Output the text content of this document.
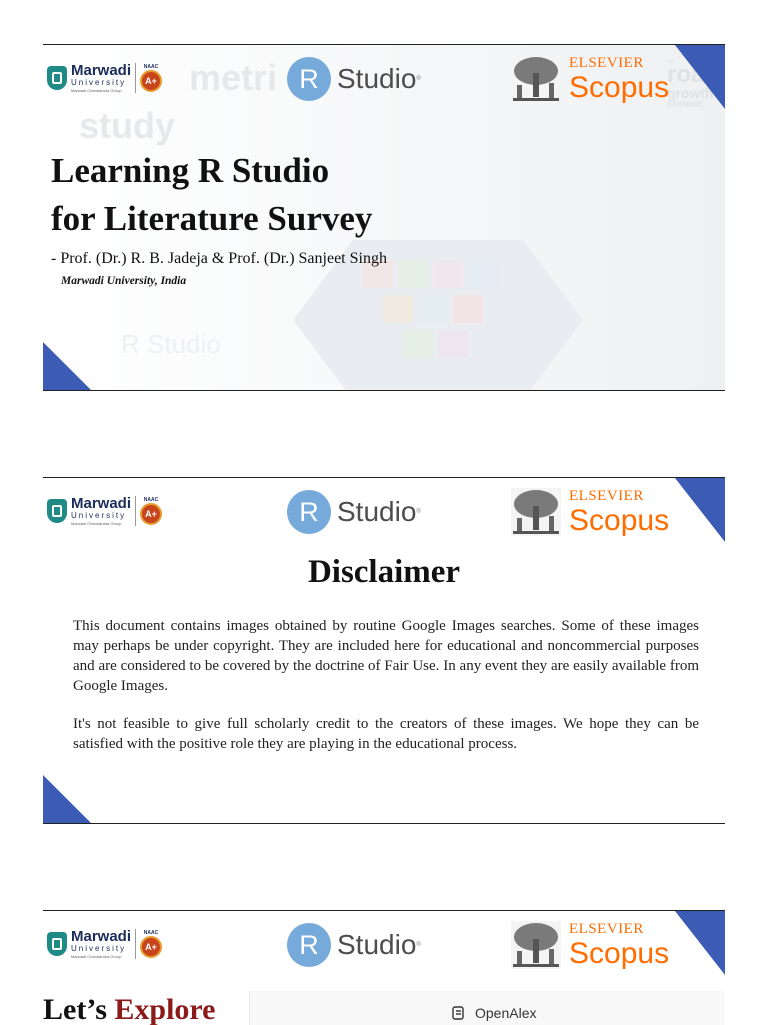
metri
study
R Studio
..
road
growth
chronic
Marwadi
University
Marwadi Chandarana Group
NAAC
A+	R Studio ®
ELSEVIER
Scopus
Learning R Studio
for Literature Survey

- Prof. (Dr.) R. B. Jadeja & Prof. (Dr.) Sanjeet Singh

Marwadi University, India

Marwadi
University
Marwadi Chandarana Group
NAAC
A+	R Studio ®
ELSEVIER
Scopus
Disclaimer

This document contains images obtained by routine Google Images searches. Some of these images may perhaps be under copyright. They are included here for educational and noncommercial purposes and are considered to be covered by the doctrine of Fair Use. In any event they are easily available from Google Images.

It's not feasible to give full scholarly credit to the creators of these images. We hope they can be satisfied with the positive role they are playing in the educational process.

Marwadi
University
Marwadi Chandarana Group
NAAC
A+	R Studio ®
ELSEVIER
Scopus
OpenAlex
Let’s Explore
